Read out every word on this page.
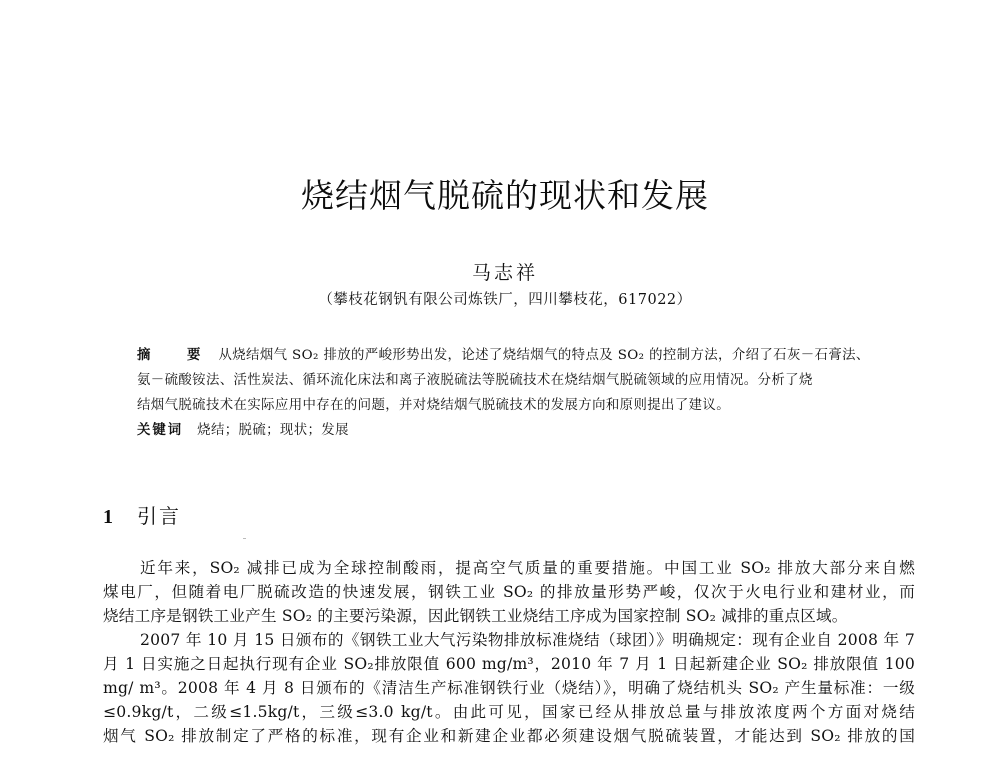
烧结烟气脱硫的现状和发展
马志祥
（攀枝花钢钒有限公司炼铁厂，四川攀枝花，617022）
摘 要 从烧结烟气 SO₂ 排放的严峻形势出发，论述了烧结烟气的特点及 SO₂ 的控制方法，介绍了石灰－石膏法、
氨－硫酸铵法、活性炭法、循环流化床法和离子液脱硫法等脱硫技术在烧结烟气脱硫领域的应用情况。分析了烧
结烟气脱硫技术在实际应用中存在的问题，并对烧结烟气脱硫技术的发展方向和原则提出了建议。
关键词 烧结；脱硫；现状；发展
1 引言
近年来，SO₂ 减排已成为全球控制酸雨，提高空气质量的重要措施。中国工业 SO₂ 排放大部分来自燃
煤电厂，但随着电厂脱硫改造的快速发展，钢铁工业 SO₂ 的排放量形势严峻，仅次于火电行业和建材业，而
烧结工序是钢铁工业产生 SO₂ 的主要污染源，因此钢铁工业烧结工序成为国家控制 SO₂ 减排的重点区域。
2007 年 10 月 15 日颁布的《钢铁工业大气污染物排放标准烧结（球团）》明确规定：现有企业自 2008 年 7
月 1 日实施之日起执行现有企业 SO₂排放限值 600 mg/m³，2010 年 7 月 1 日起新建企业 SO₂ 排放限值 100
mg/ m³。2008 年 4 月 8 日颁布的《清洁生产标准钢铁行业（烧结）》，明确了烧结机头 SO₂ 产生量标准：一级
≤0.9kg/t，二级≤1.5kg/t，三级≤3.0 kg/t。由此可见，国家已经从排放总量与排放浓度两个方面对烧结
烟气 SO₂ 排放制定了严格的标准，现有企业和新建企业都必须建设烟气脱硫装置，才能达到 SO₂ 排放的国
